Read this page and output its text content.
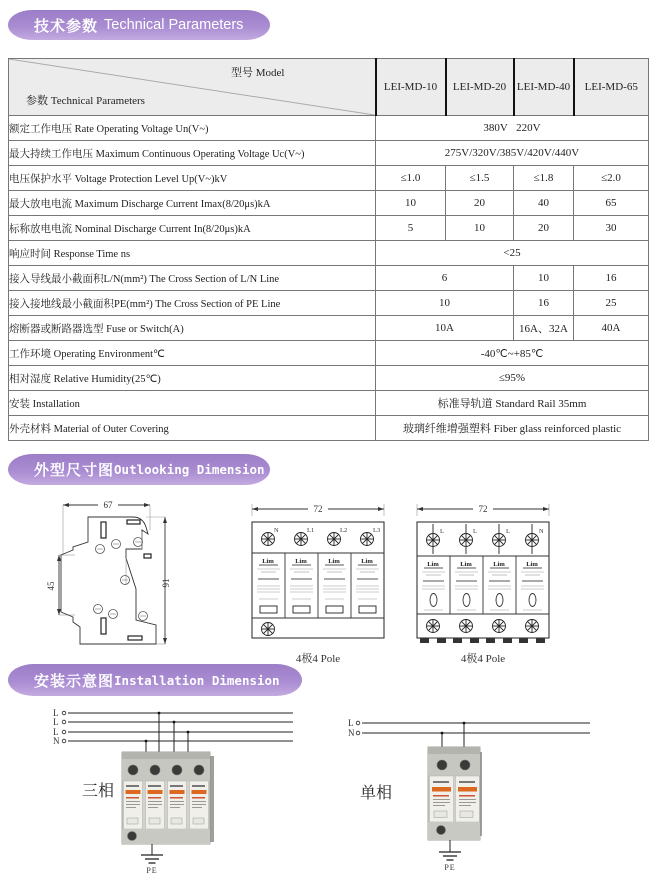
技术参数 Technical Parameters
型号 Model
参数 Technical Parameters	LEI-MD-10	LEI-MD-20	LEI-MD-40	LEI-MD-65
额定工作电压 Rate Operating Voltage Un(V~)	380V   220V			
最大持续工作电压 Maximum Continuous Operating Voltage Uc(V~)	275V/320V/385V/420V/440V			
电压保护水平 Voltage Protection Level Up(V~)kV	≤1.0	≤1.5	≤1.8	≤2.0
最大放电电流 Maximum Discharge Current Imax(8/20μs)kA	10	20	40	65
标称放电电流 Nominal Discharge Current In(8/20μs)kA	5	10	20	30
响应时间 Response Time ns	<25			
接入导线最小截面积L/N(mm²) The Cross Section of L/N Line	6		10	16
接入接地线最小截面积PE(mm²) The Cross Section of PE Line	10		16	25
熔断器或断路器选型 Fuse or Switch(A)	10A		16A、32A	40A
工作环境 Operating Environment℃	-40℃~+85℃			
相对湿度 Relative Humidity(25℃)	≤95%			
安装 Installation	标准导轨道 Standard Rail 35mm			
外壳材料 Material of Outer Covering	玻璃纤维增强塑料 Fiber glass reinforced plastic			
外型尺寸图 Outlooking Dimension
67
91
45
72
N	L1	L2	L3
Lim	Lim	Lim	Lim
4极4 Pole
72
L	L	L	N
Lim	Lim	Lim	Lim
4极4 Pole
安装示意图 Installation Dimension
L
L
L
N
PE
三相
L
N
PE
单相
